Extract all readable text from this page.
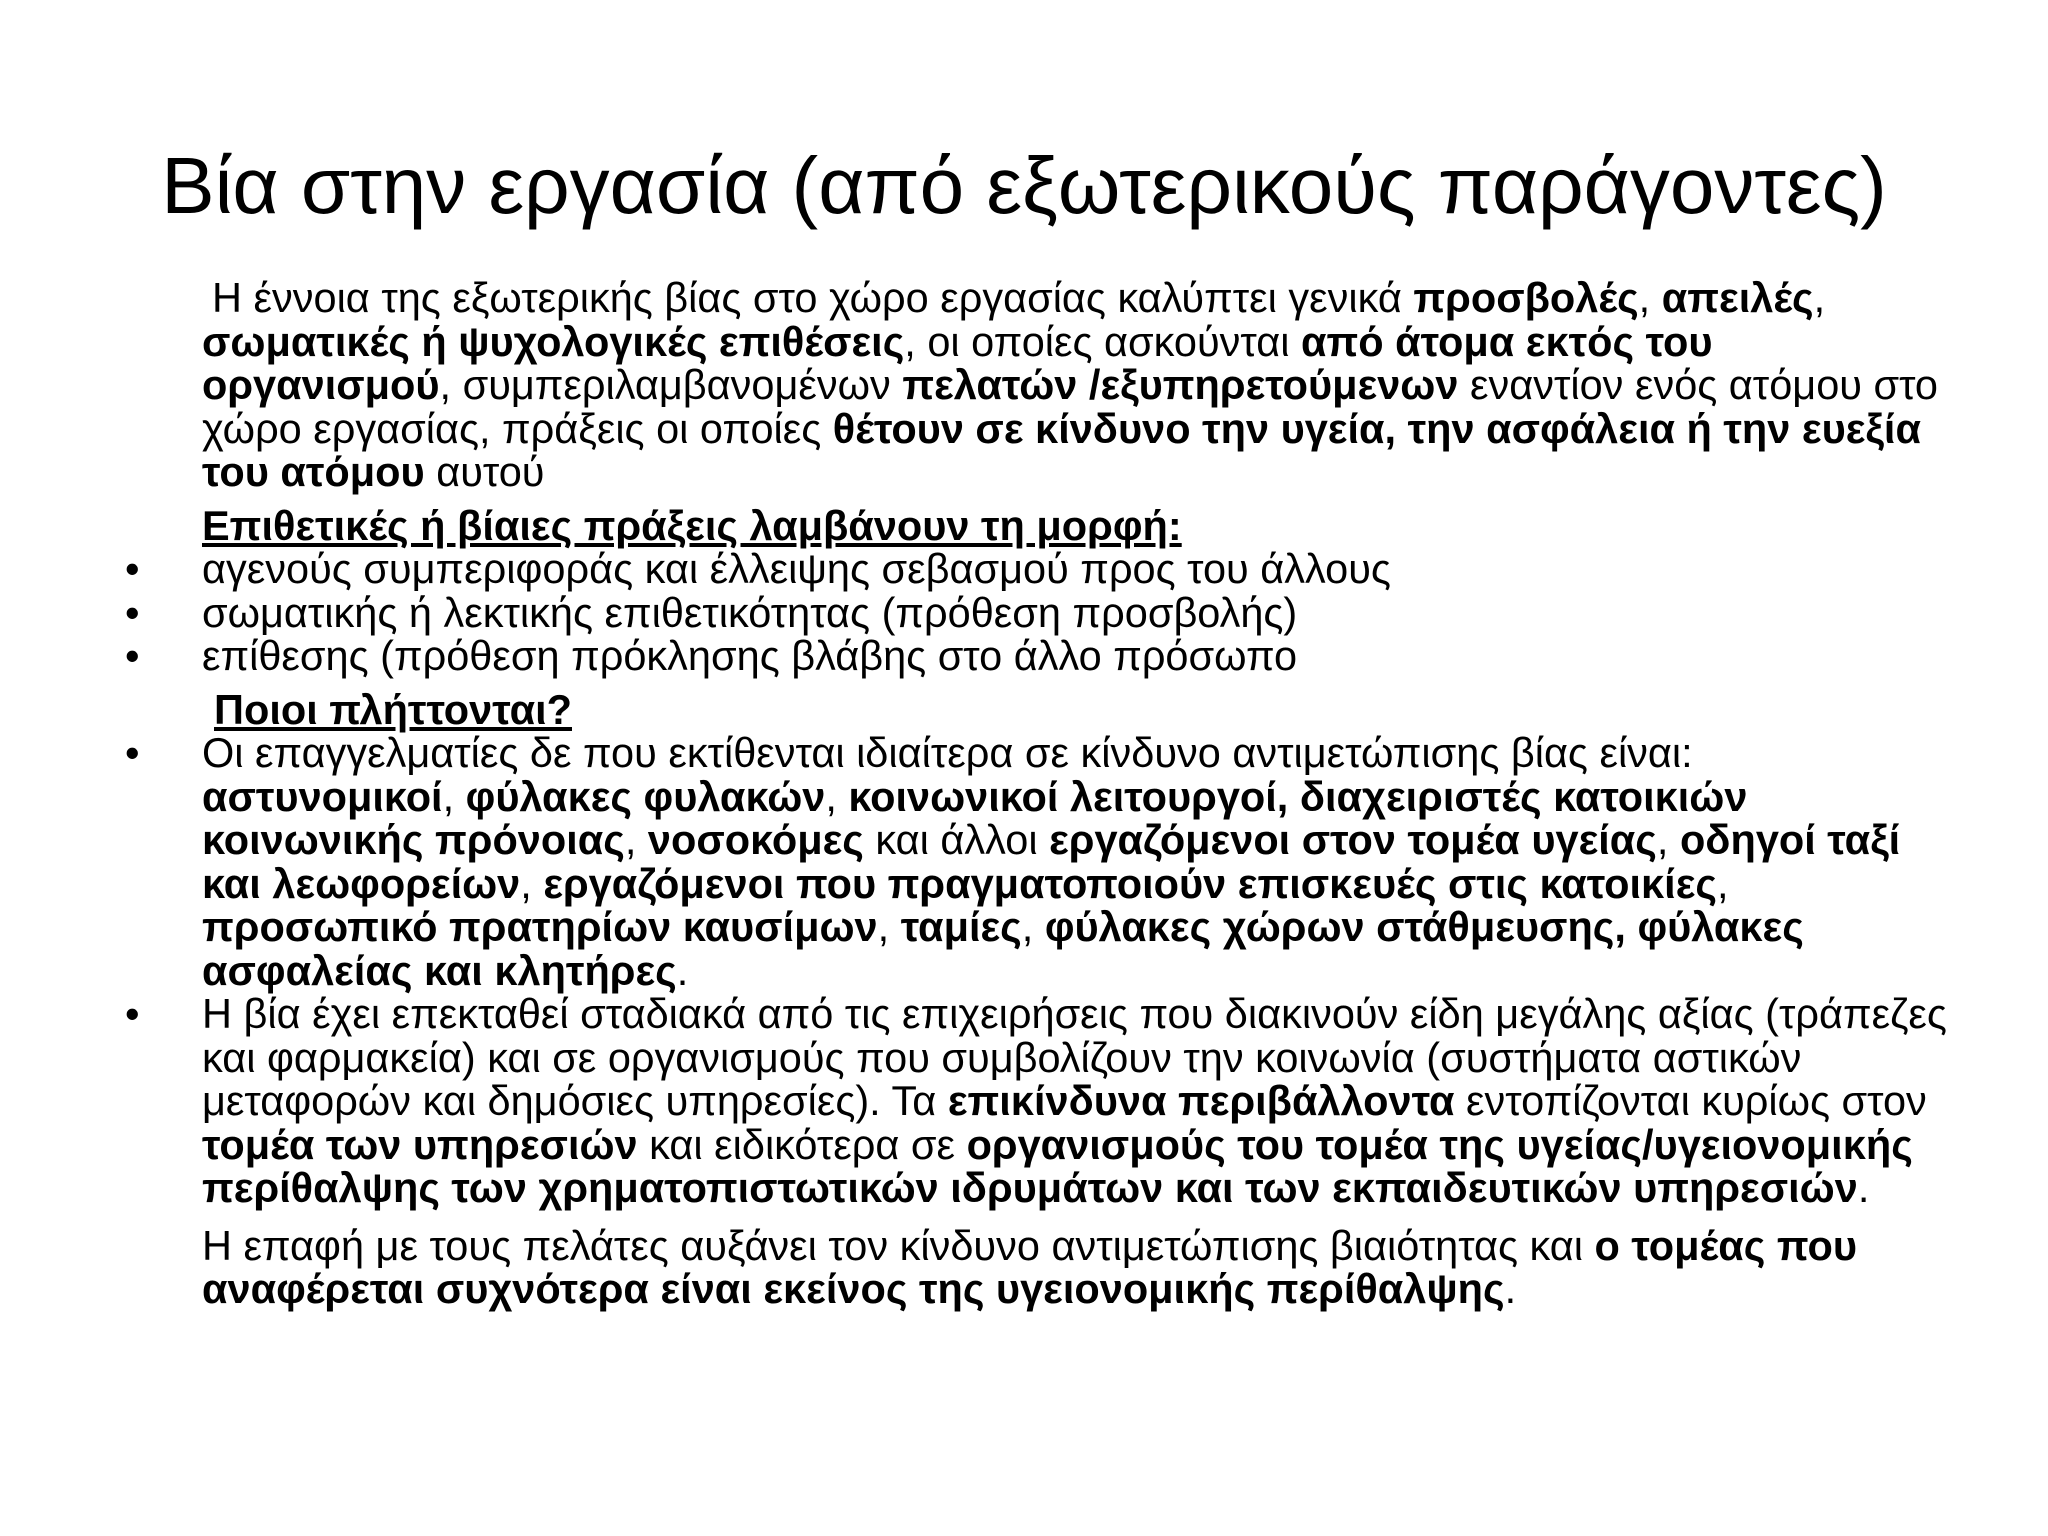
Βία στην εργασία (από εξωτερικούς παράγοντες)

Η έννοια της εξωτερικής βίας στο χώρο εργασίας καλύπτει γενικά προσβολές, απειλές, σωματικές ή ψυχολογικές επιθέσεις, οι οποίες ασκούνται από άτομα εκτός του οργανισμού, συμπεριλαμβανομένων πελατών /εξυπηρετούμενων εναντίον ενός ατόμου στο χώρο εργασίας, πράξεις οι οποίες θέτουν σε κίνδυνο την υγεία, την ασφάλεια ή την ευεξία του ατόμου αυτού

Επιθετικές ή βίαιες πράξεις λαμβάνουν τη μορφή:

•	αγενούς συμπεριφοράς και έλλειψης σεβασμού προς του άλλους
•	σωματικής ή λεκτικής επιθετικότητας (πρόθεση προσβολής)
•	επίθεσης (πρόθεση πρόκλησης βλάβης στο άλλο πρόσωπο

Ποιοι πλήττονται?

•	Οι επαγγελματίες δε που εκτίθενται ιδιαίτερα σε κίνδυνο αντιμετώπισης βίας είναι: αστυνομικοί, φύλακες φυλακών, κοινωνικοί λειτουργοί, διαχειριστές κατοικιών κοινωνικής πρόνοιας, νοσοκόμες και άλλοι εργαζόμενοι στον τομέα υγείας, οδηγοί ταξί και λεωφορείων, εργαζόμενοι που πραγματοποιούν επισκευές στις κατοικίες, προσωπικό πρατηρίων καυσίμων, ταμίες, φύλακες χώρων στάθμευσης, φύλακες ασφαλείας και κλητήρες.
•	Η βία έχει επεκταθεί σταδιακά από τις επιχειρήσεις που διακινούν είδη μεγάλης αξίας (τράπεζες και φαρμακεία) και σε οργανισμούς που συμβολίζουν την κοινωνία (συστήματα αστικών μεταφορών και δημόσιες υπηρεσίες). Τα επικίνδυνα περιβάλλοντα εντοπίζονται κυρίως στον τομέα των υπηρεσιών και ειδικότερα σε οργανισμούς του τομέα της υγείας/υγειονομικής περίθαλψης των χρηματοπιστωτικών ιδρυμάτων και των εκπαιδευτικών υπηρεσιών.

Η επαφή με τους πελάτες αυξάνει τον κίνδυνο αντιμετώπισης βιαιότητας και ο τομέας που αναφέρεται συχνότερα είναι εκείνος της υγειονομικής περίθαλψης.
